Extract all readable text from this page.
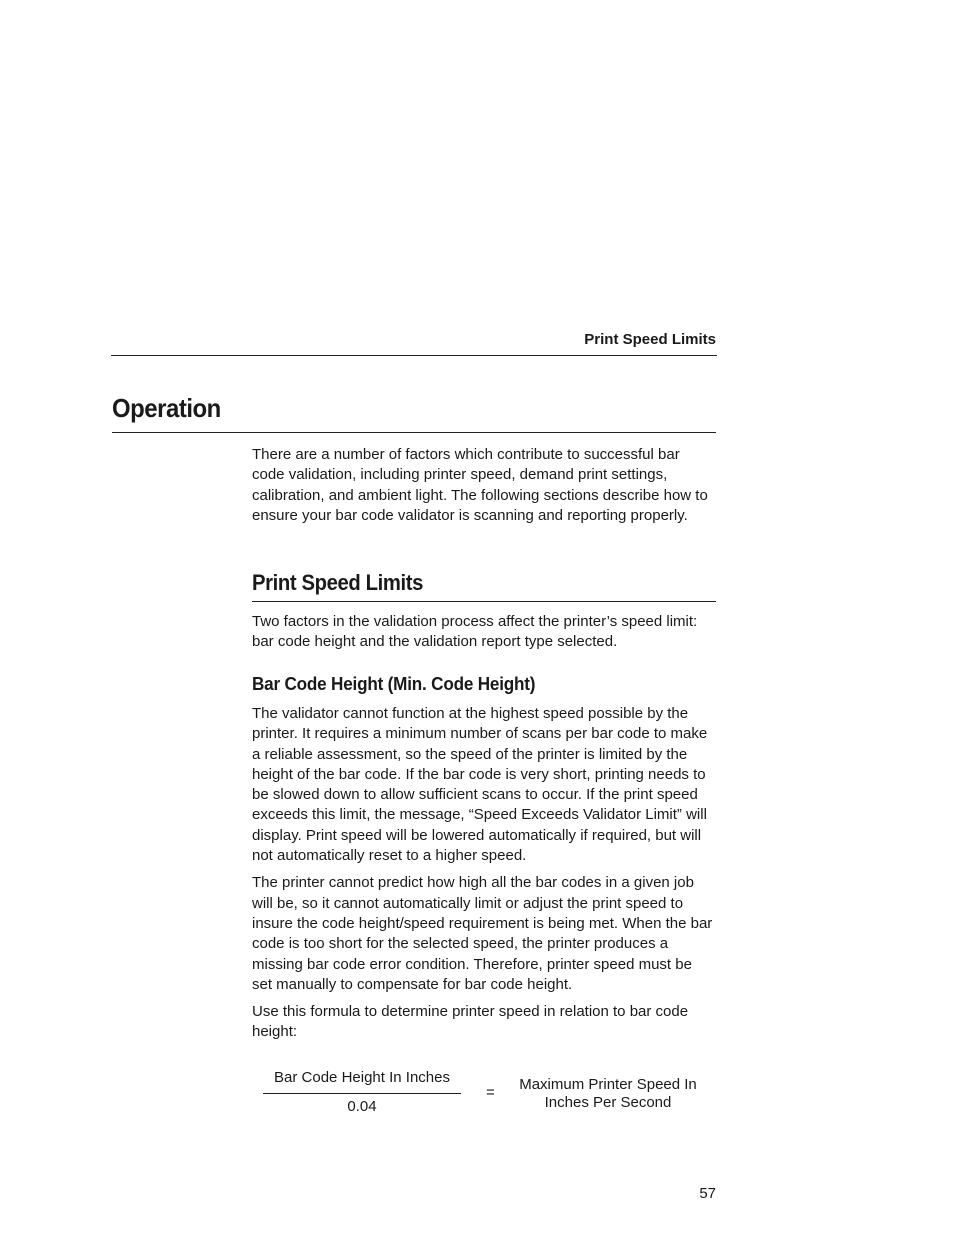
Print Speed Limits
Operation

There are a number of factors which contribute to successful bar code validation, including printer speed, demand print settings, calibration, and ambient light. The following sections describe how to ensure your bar code validator is scanning and reporting properly.

Print Speed Limits

Two factors in the validation process affect the printer’s speed limit: bar code height and the validation report type selected.

Bar Code Height (Min. Code Height)

The validator cannot function at the highest speed possible by the printer. It requires a minimum number of scans per bar code to make a reliable assessment, so the speed of the printer is limited by the height of the bar code. If the bar code is very short, printing needs to be slowed down to allow sufficient scans to occur. If the print speed exceeds this limit, the message, “Speed Exceeds Validator Limit” will display. Print speed will be lowered automatically if required, but will not automatically reset to a higher speed.

The printer cannot predict how high all the bar codes in a given job will be, so it cannot automatically limit or adjust the print speed to insure the code height/speed requirement is being met. When the bar code is too short for the selected speed, the printer produces a missing bar code error condition. Therefore, printer speed must be set manually to compensate for bar code height.

Use this formula to determine printer speed in relation to bar code height:

Bar Code Height In Inches
0.04
=	Maximum Printer Speed In
Inches Per Second
57
